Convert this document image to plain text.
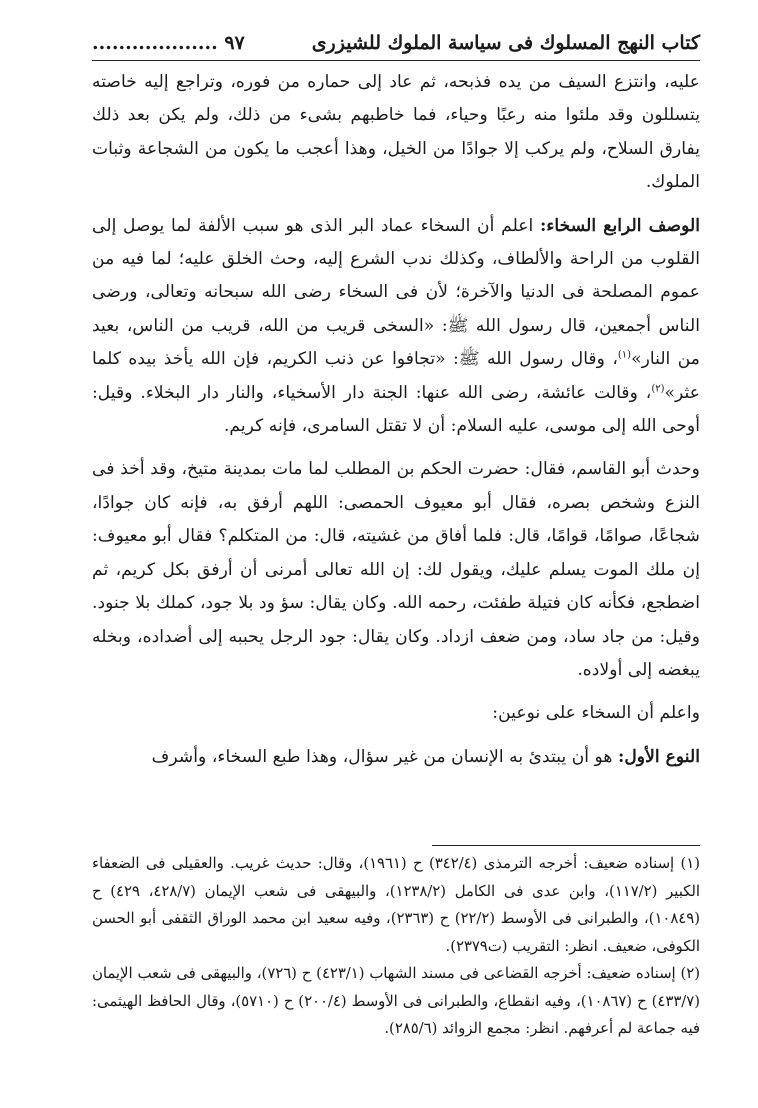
كتاب النهج المسلوك فى سياسة الملوك للشيزرى
٩٧ ...................

عليه، وانتزع السيف من يده فذبحه، ثم عاد إلى حماره من فوره، وتراجع إليه خاصته يتسللون وقد ملئوا منه رعبًا وحياء، فما خاطبهم بشىء من ذلك، ولم يكن بعد ذلك يفارق السلاح، ولم يركب إلا جوادًا من الخيل، وهذا أعجب ما يكون من الشجاعة وثبات الملوك.

الوصف الرابع السخاء: اعلم أن السخاء عماد البر الذى هو سبب الألفة لما يوصل إلى القلوب من الراحة والألطاف، وكذلك ندب الشرع إليه، وحث الخلق عليه؛ لما فيه من عموم المصلحة فى الدنيا والآخرة؛ لأن فى السخاء رضى الله سبحانه وتعالى، ورضى الناس أجمعين، قال رسول الله ﷺ: «السخى قريب من الله، قريب من الناس، بعيد من النار»$^{(١)}$، وقال رسول الله ﷺ: «تجافوا عن ذنب الكريم، فإن الله يأخذ بيده كلما عثر»$^{(٢)}$، وقالت عائشة، رضى الله عنها: الجنة دار الأسخياء، والنار دار البخلاء. وقيل: أوحى الله إلى موسى، عليه السلام: أن لا تقتل السامرى، فإنه كريم.

وحدث أبو القاسم، فقال: حضرت الحكم بن المطلب لما مات بمدينة متيخ، وقد أخذ فى النزع وشخص بصره، فقال أبو معيوف الحمصى: اللهم أرفق به، فإنه كان جوادًا، شجاعًا، صوامًا، قوامًا، قال: فلما أفاق من غشيته، قال: من المتكلم؟ فقال أبو معيوف: إن ملك الموت يسلم عليك، ويقول لك: إن الله تعالى أمرنى أن أرفق بكل كريم، ثم اضطجع، فكأنه كان فتيلة طفئت، رحمه الله. وكان يقال: سؤ ود بلا جود، كملك بلا جنود. وقيل: من جاد ساد، ومن ضعف ازداد. وكان يقال: جود الرجل يحببه إلى أضداده، وبخله يبغضه إلى أولاده.

واعلم أن السخاء على نوعين:

النوع الأول: هو أن يبتدئ به الإنسان من غير سؤال، وهذا طبع السخاء، وأشرف

(١) إسناده ضعيف: أخرجه الترمذى (٣٤٢/٤) ح (١٩٦١)، وقال: حديث غريب. والعقيلى فى الضعفاء الكبير (١١٧/٢)، وابن عدى فى الكامل (١٢٣٨/٢)، والبيهقى فى شعب الإيمان (٤٢٨/٧، ٤٢٩) ح (١٠٨٤٩)، والطبرانى فى الأوسط (٢٢/٢) ح (٢٣٦٣)، وفيه سعيد ابن محمد الوراق الثقفى أبو الحسن الكوفى، ضعيف. انظر: التقريب (ت٢٣٧٩).

(٢) إسناده ضعيف: أخرجه القضاعى فى مسند الشهاب (٤٢٣/١) ح (٧٢٦)، والبيهقى فى شعب الإيمان (٤٣٣/٧) ح (١٠٨٦٧)، وفيه انقطاع، والطبرانى فى الأوسط (٢٠٠/٤) ح (٥٧١٠)، وقال الحافظ الهيثمى: فيه جماعة لم أعرفهم. انظر: مجمع الزوائد (٢٨٥/٦).
